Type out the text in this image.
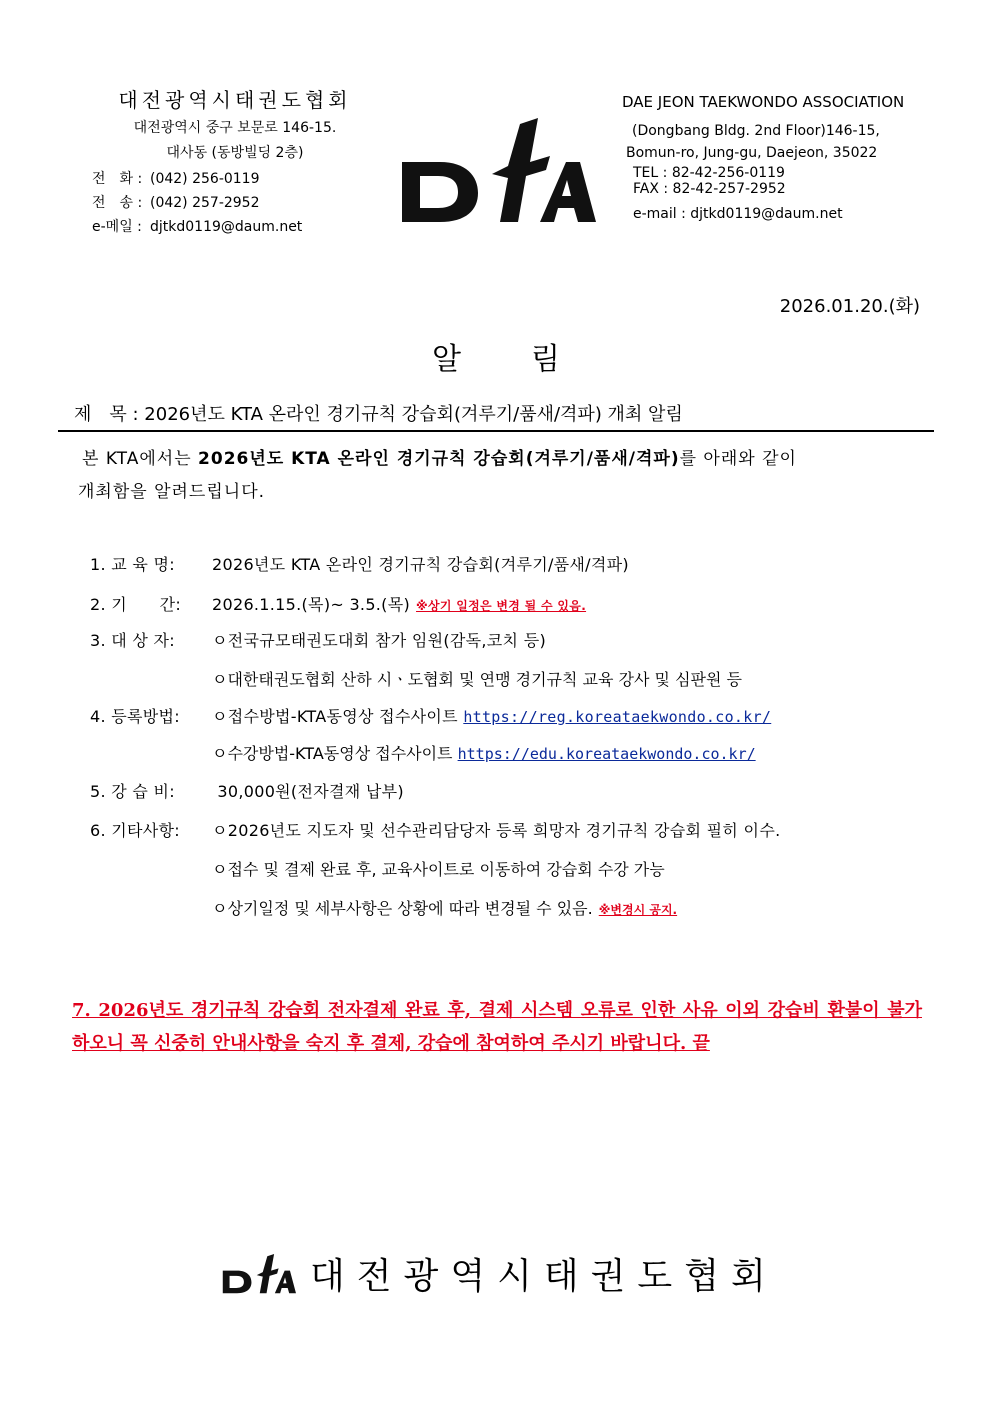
대전광역시태권도협회
대전광역시 중구 보문로 146-15.
대사동 (동방빌딩 2층)
전　화 : (042) 256-0119
전　송 : (042) 257-2952
e-메일 : djtkd0119@daum.net
DAE JEON TAEKWONDO ASSOCIATION
(Dongbang Bldg. 2nd Floor)146-15,
Bomun-ro, Jung-gu, Daejeon, 35022
TEL : 82-42-256-0119
FAX : 82-42-257-2952
e-mail : djtkd0119@daum.net
2026.01.20.(화)
알림
제　목 : 2026년도 KTA 온라인 경기규칙 강습회(겨루기/품새/격파) 개최 알림
본 KTA에서는 2026년도 KTA 온라인 경기규칙 강습회(겨루기/품새/격파)를 아래와 같이
개최함을 알려드립니다.
1. 교 육 명: 2026년도 KTA 온라인 경기규칙 강습회(겨루기/품새/격파)
2. 기　　간: 2026.1.15.(목)~ 3.5.(목) ※상기 일정은 변경 될 수 있음.
3. 대 상 자: ㅇ전국규모태권도대회 참가 임원(감독,코치 등)
ㅇ대한태권도협회 산하 시ㆍ도협회 및 연맹 경기규칙 교육 강사 및 심판원 등
4. 등록방법: ㅇ접수방법-KTA동영상 접수사이트 https://reg.koreataekwondo.co.kr/
ㅇ수강방법-KTA동영상 접수사이트 https://edu.koreataekwondo.co.kr/
5. 강 습 비: 30,000원(전자결재 납부)
6. 기타사항: ㅇ2026년도 지도자 및 선수관리담당자 등록 희망자 경기규칙 강습회 필히 이수.
ㅇ접수 및 결제 완료 후, 교육사이트로 이동하여 강습회 수강 가능
ㅇ상기일정 및 세부사항은 상황에 따라 변경될 수 있음. ※변경시 공지.
7. 2026년도 경기규칙 강습회 전자결제 완료 후, 결제 시스템 오류로 인한 사유 이외 강습비 환불이 불가 하오니 꼭 신중히 안내사항을 숙지 후 결제, 강습에 참여하여 주시기 바랍니다. 끝
대전광역시태권도협회
